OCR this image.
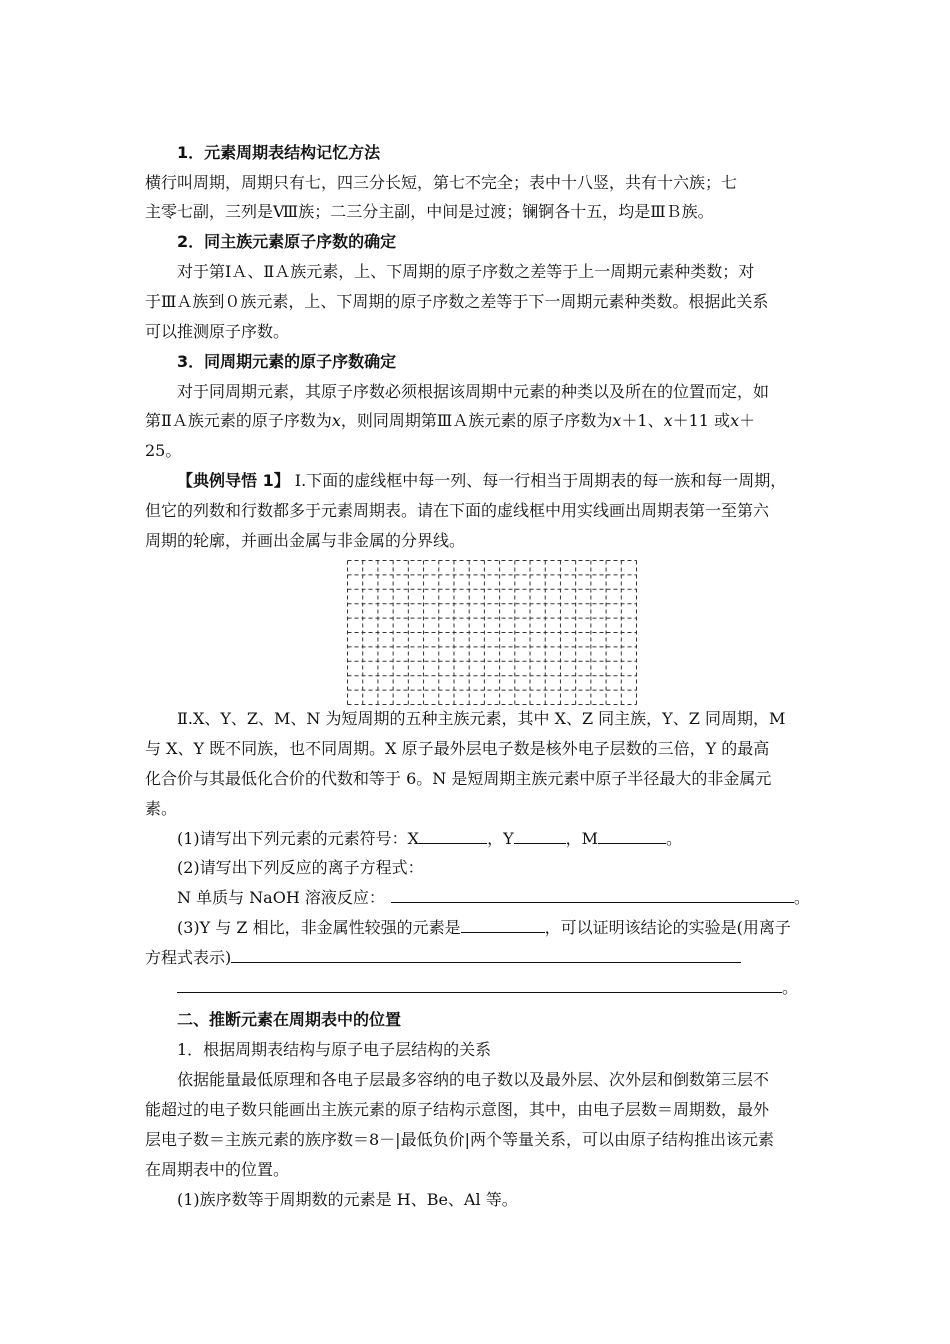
1．元素周期表结构记忆方法
横行叫周期，周期只有七，四三分长短，第七不完全；表中十八竖，共有十六族；七
主零七副，三列是Ⅷ族；二三分主副，中间是过渡；镧锕各十五，均是ⅢＢ族。
2．同主族元素原子序数的确定
对于第ⅠＡ、ⅡＡ族元素，上、下周期的原子序数之差等于上一周期元素种类数；对
于ⅢＡ族到０族元素，上、下周期的原子序数之差等于下一周期元素种类数。根据此关系
可以推测原子序数。
3．同周期元素的原子序数确定
对于同周期元素，其原子序数必须根据该周期中元素的种类以及所在的位置而定，如
第ⅡＡ族元素的原子序数为x，则同周期第ⅢＡ族元素的原子序数为x＋1、x＋11 或x＋
25。
【典例导悟 1】 Ⅰ.下面的虚线框中每一列、每一行相当于周期表的每一族和每一周期，
但它的列数和行数都多于元素周期表。请在下面的虚线框中用实线画出周期表第一至第六
周期的轮廓，并画出金属与非金属的分界线。
Ⅱ.X、Y、Z、M、N 为短周期的五种主族元素，其中 X、Z 同主族，Y、Z 同周期，M
与 X、Y 既不同族，也不同周期。X 原子最外层电子数是核外电子层数的三倍，Y 的最高
化合价与其最低化合价的代数和等于 6。N 是短周期主族元素中原子半径最大的非金属元
素。
(1)请写出下列元素的元素符号：X	，Y	，M	。
(2)请写出下列反应的离子方程式：
N 单质与 NaOH 溶液反应：	。
(3)Y 与 Z 相比，非金属性较强的元素是	，可以证明该结论的实验是(用离子
方程式表示)
。
二、推断元素在周期表中的位置
1．根据周期表结构与原子电子层结构的关系
依据能量最低原理和各电子层最多容纳的电子数以及最外层、次外层和倒数第三层不
能超过的电子数只能画出主族元素的原子结构示意图，其中，由电子层数＝周期数，最外
层电子数＝主族元素的族序数＝8－|最低负价|两个等量关系，可以由原子结构推出该元素
在周期表中的位置。
(1)族序数等于周期数的元素是 H、Be、Al 等。
